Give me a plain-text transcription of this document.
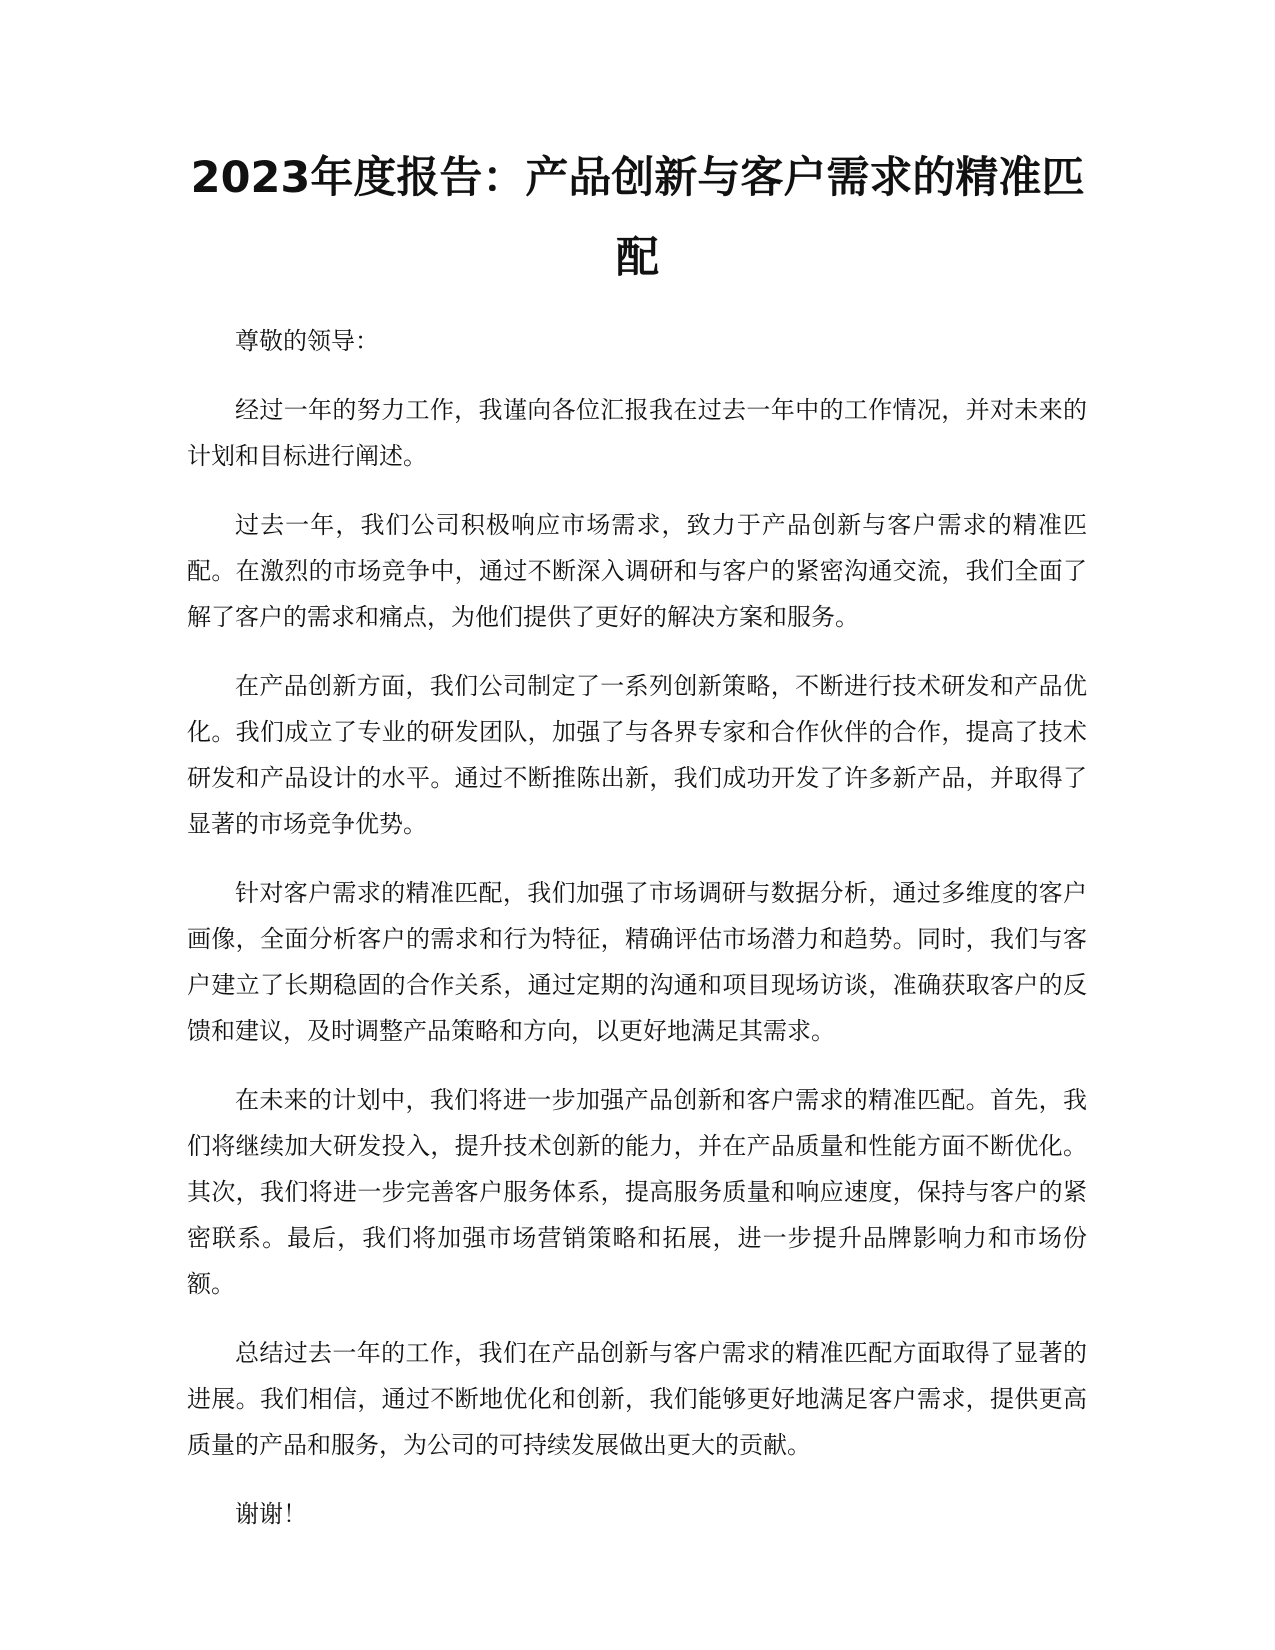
2023年度报告：产品创新与客户需求的精准匹配

尊敬的领导：

经过一年的努力工作，我谨向各位汇报我在过去一年中的工作情况，并对未来的计划和目标进行阐述。

过去一年，我们公司积极响应市场需求，致力于产品创新与客户需求的精准匹配。在激烈的市场竞争中，通过不断深入调研和与客户的紧密沟通交流，我们全面了解了客户的需求和痛点，为他们提供了更好的解决方案和服务。

在产品创新方面，我们公司制定了一系列创新策略，不断进行技术研发和产品优化。我们成立了专业的研发团队，加强了与各界专家和合作伙伴的合作，提高了技术研发和产品设计的水平。通过不断推陈出新，我们成功开发了许多新产品，并取得了显著的市场竞争优势。

针对客户需求的精准匹配，我们加强了市场调研与数据分析，通过多维度的客户画像，全面分析客户的需求和行为特征，精确评估市场潜力和趋势。同时，我们与客户建立了长期稳固的合作关系，通过定期的沟通和项目现场访谈，准确获取客户的反馈和建议，及时调整产品策略和方向，以更好地满足其需求。

在未来的计划中，我们将进一步加强产品创新和客户需求的精准匹配。首先，我们将继续加大研发投入，提升技术创新的能力，并在产品质量和性能方面不断优化。其次，我们将进一步完善客户服务体系，提高服务质量和响应速度，保持与客户的紧密联系。最后，我们将加强市场营销策略和拓展，进一步提升品牌影响力和市场份额。

总结过去一年的工作，我们在产品创新与客户需求的精准匹配方面取得了显著的进展。我们相信，通过不断地优化和创新，我们能够更好地满足客户需求，提供更高质量的产品和服务，为公司的可持续发展做出更大的贡献。

谢谢！
